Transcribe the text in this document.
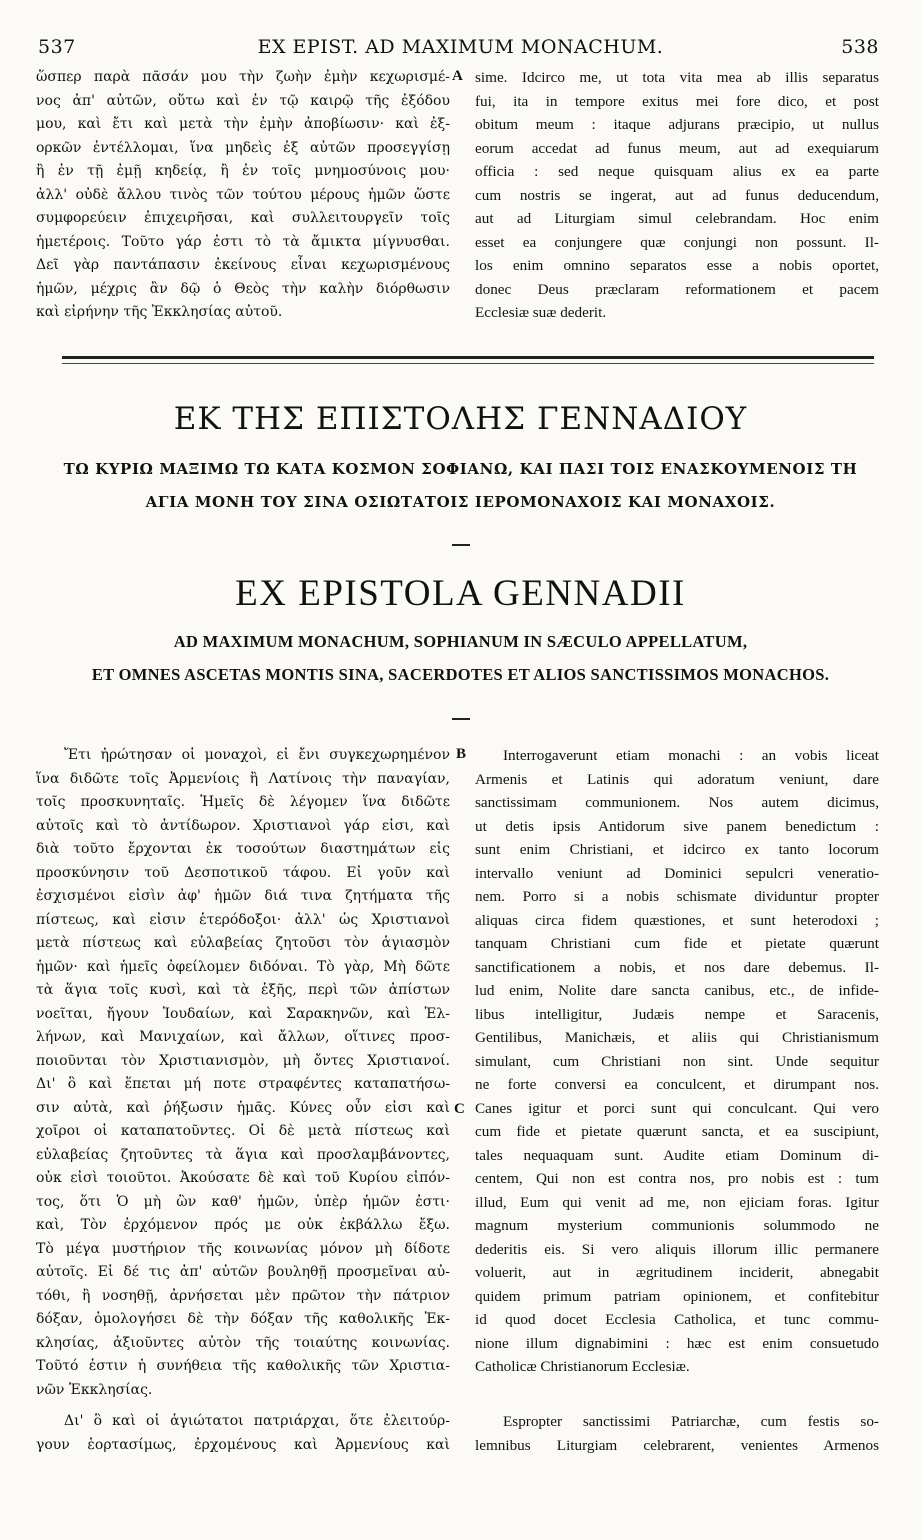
537	EX EPIST. AD MAXIMUM MONACHUM.	538

ὥσπερ παρὰ πᾶσάν μου τὴν ζωὴν ἐμὴν κεχωρισμέ-

νος ἀπ' αὐτῶν, οὕτω καὶ ἐν τῷ καιρῷ τῆς ἐξόδου

μου, καὶ ἔτι καὶ μετὰ τὴν ἐμὴν ἀποβίωσιν· καὶ ἐξ-

ορκῶν ἐντέλλομαι, ἵνα μηδεὶς ἐξ αὐτῶν προσεγγίσῃ

ἢ ἐν τῇ ἐμῇ κηδείᾳ, ἢ ἐν τοῖς μνημοσύνοις μου·

ἀλλ' οὐδὲ ἄλλου τινὸς τῶν τούτου μέρους ἡμῶν ὥστε

συμφορεύειν ἐπιχειρῆσαι, καὶ συλλειτουργεῖν τοῖς

ἡμετέροις. Τοῦτο γάρ ἐστι τὸ τὰ ἄμικτα μίγνυσθαι.

Δεῖ γὰρ παντάπασιν ἐκείνους εἶναι κεχωρισμένους

ἡμῶν, μέχρις ἂν δῷ ὁ Θεὸς τὴν καλὴν διόρθωσιν

καὶ εἰρήνην τῆς Ἐκκλησίας αὐτοῦ.

A sime. Idcirco me, ut tota vita mea ab illis separatus

fui, ita in tempore exitus mei fore dico, et post

obitum meum : itaque adjurans præcipio, ut nullus

eorum accedat ad funus meum, aut ad exequiarum

officia : sed neque quisquam alius ex ea parte

cum nostris se ingerat, aut ad funus deducendum,

aut ad Liturgiam simul celebrandam. Hoc enim

esset ea conjungere quæ conjungi non possunt. Il-

los enim omnino separatos esse a nobis oportet,

donec Deus præclaram reformationem et pacem

Ecclesiæ suæ dederit.

ΕΚ ΤΗΣ ΕΠΙΣΤΟΛΗΣ ΓΕΝΝΑΔΙΟΥ
ΤΩ ΚΥΡΙΩ ΜΑΞΙΜΩ ΤΩ ΚΑΤΑ ΚΟΣΜΟΝ ΣΟΦΙΑΝΩ, ΚΑΙ ΠΑΣΙ ΤΟΙΣ ΕΝΑΣΚΟΥΜΕΝΟΙΣ ΤΗ
ΑΓΙΑ ΜΟΝΗ ΤΟΥ ΣΙΝΑ ΟΣΙΩΤΑΤΟΙΣ ΙΕΡΟΜΟΝΑΧΟΙΣ ΚΑΙ ΜΟΝΑΧΟΙΣ.
EX EPISTOLA GENNADII
AD MAXIMUM MONACHUM, SOPHIANUM IN SÆCULO APPELLATUM,
ET OMNES ASCETAS MONTIS SINA, SACERDOTES ET ALIOS SANCTISSIMOS MONACHOS.

Ἔτι ἠρώτησαν οἱ μοναχοὶ, εἰ ἔνι συγκεχωρημένον

ἵνα διδῶτε τοῖς Ἀρμενίοις ἢ Λατίνοις τὴν παναγίαν,

τοῖς προσκυνηταῖς. Ἡμεῖς δὲ λέγομεν ἵνα διδῶτε

αὐτοῖς καὶ τὸ ἀντίδωρον. Χριστιανοὶ γάρ εἰσι, καὶ

διὰ τοῦτο ἔρχονται ἐκ τοσούτων διαστημάτων εἰς

προσκύνησιν τοῦ Δεσποτικοῦ τάφου. Εἰ γοῦν καὶ

ἐσχισμένοι εἰσὶν ἀφ' ἡμῶν διά τινα ζητήματα τῆς

πίστεως, καὶ εἰσιν ἑτερόδοξοι· ἀλλ' ὡς Χριστιανοὶ

μετὰ πίστεως καὶ εὐλαβείας ζητοῦσι τὸν ἁγιασμὸν

ἡμῶν· καὶ ἡμεῖς ὀφείλομεν διδόναι. Τὸ γὰρ, Μὴ δῶτε

τὰ ἅγια τοῖς κυσὶ, καὶ τὰ ἑξῆς, περὶ τῶν ἀπίστων

νοεῖται, ἤγουν Ἰουδαίων, καὶ Σαρακηνῶν, καὶ Ἑλ-

λήνων, καὶ Μανιχαίων, καὶ ἄλλων, οἵτινες προσ-

ποιοῦνται τὸν Χριστιανισμὸν, μὴ ὄντες Χριστιανοί.

Δι' ὃ καὶ ἕπεται μή ποτε στραφέντες καταπατήσω-

σιν αὐτὰ, καὶ ῥήξωσιν ἡμᾶς. Κύνες οὖν εἰσι καὶ

χοῖροι οἱ καταπατοῦντες. Οἱ δὲ μετὰ πίστεως καὶ

εὐλαβείας ζητοῦντες τὰ ἅγια καὶ προσλαμβάνοντες,

οὐκ εἰσὶ τοιοῦτοι. Ἀκούσατε δὲ καὶ τοῦ Κυρίου εἰπόν-

τος, ὅτι Ὁ μὴ ὢν καθ' ἡμῶν, ὑπὲρ ἡμῶν ἐστι·

καὶ, Τὸν ἐρχόμενον πρός με οὐκ ἐκβάλλω ἔξω.

Τὸ μέγα μυστήριον τῆς κοινωνίας μόνον μὴ δίδοτε

αὐτοῖς. Εἰ δέ τις ἀπ' αὐτῶν βουληθῇ προσμεῖναι αὐ-

τόθι, ἢ νοσηθῇ, ἀρνήσεται μὲν πρῶτον τὴν πάτριον

δόξαν, ὁμολογήσει δὲ τὴν δόξαν τῆς καθολικῆς Ἐκ-

κλησίας, ἀξιοῦντες αὐτὸν τῆς τοιαύτης κοινωνίας.

Τοῦτό ἐστιν ἡ συνήθεια τῆς καθολικῆς τῶν Χριστια-

νῶν Ἐκκλησίας.

B
C

Δι' ὃ καὶ οἱ ἁγιώτατοι πατριάρχαι, ὅτε ἐλειτούρ-

γουν ἑορτασίμως, ἐρχομένους καὶ Ἀρμενίους καὶ

Interrogaverunt etiam monachi : an vobis liceat

Armenis et Latinis qui adoratum veniunt, dare

sanctissimam communionem. Nos autem dicimus,

ut detis ipsis Antidorum sive panem benedictum :

sunt enim Christiani, et idcirco ex tanto locorum

intervallo veniunt ad Dominici sepulcri veneratio-

nem. Porro si a nobis schismate dividuntur propter

aliquas circa fidem quæstiones, et sunt heterodoxi ;

tanquam Christiani cum fide et pietate quærunt

sanctificationem a nobis, et nos dare debemus. Il-

lud enim, Nolite dare sancta canibus, etc., de infide-

libus intelligitur, Judæis nempe et Saracenis,

Gentilibus, Manichæis, et aliis qui Christianismum

simulant, cum Christiani non sint. Unde sequitur

ne forte conversi ea conculcent, et dirumpant nos.

Canes igitur et porci sunt qui conculcant. Qui vero

cum fide et pietate quærunt sancta, et ea suscipiunt,

tales nequaquam sunt. Audite etiam Dominum di-

centem, Qui non est contra nos, pro nobis est : tum

illud, Eum qui venit ad me, non ejiciam foras. Igitur

magnum mysterium communionis solummodo ne

dederitis eis. Si vero aliquis illorum illic permanere

voluerit, aut in ægritudinem inciderit, abnegabit

quidem primum patriam opinionem, et confitebitur

id quod docet Ecclesia Catholica, et tunc commu-

nione illum dignabimini : hæc est enim consuetudo

Catholicæ Christianorum Ecclesiæ.

Espropter sanctissimi Patriarchæ, cum festis so-

lemnibus Liturgiam celebrarent, venientes Armenos
